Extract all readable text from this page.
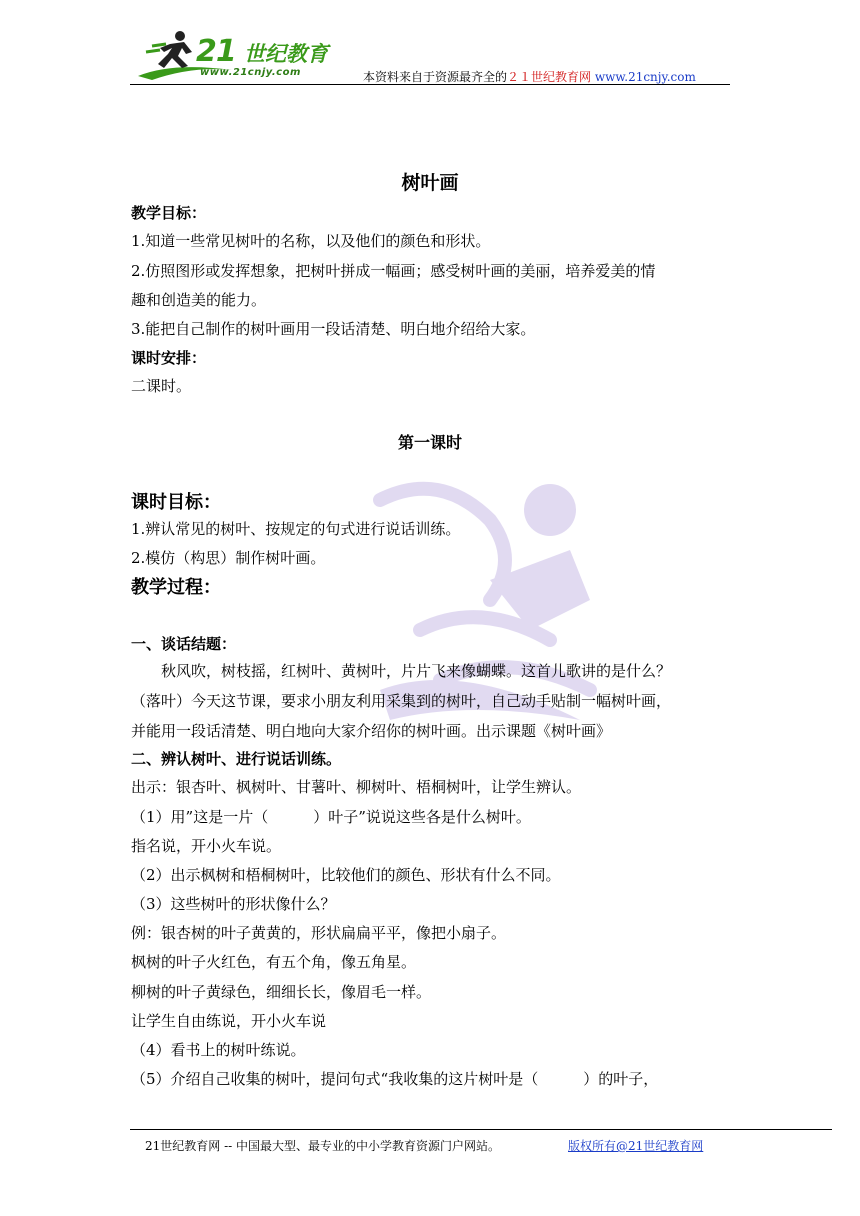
21 世纪教育
www.21cnjy.com	本资料来自于资源最齐全的２１世纪教育网 www.21cnjy.com
树叶画
教学目标：
1.知道一些常见树叶的名称，以及他们的颜色和形状。
2.仿照图形或发挥想象，把树叶拼成一幅画；感受树叶画的美丽，培养爱美的情
趣和创造美的能力。
3.能把自己制作的树叶画用一段话清楚、明白地介绍给大家。
课时安排：
二课时。
第一课时
课时目标：
1.辨认常见的树叶、按规定的句式进行说话训练。
2.模仿（构思）制作树叶画。
教学过程：
一、谈话结题：
秋风吹，树枝摇，红树叶、黄树叶，片片飞来像蝴蝶。这首儿歌讲的是什么？
（落叶）今天这节课，要求小朋友利用采集到的树叶，自己动手贴制一幅树叶画，
并能用一段话清楚、明白地向大家介绍你的树叶画。出示课题《树叶画》
二、辨认树叶、进行说话训练。
出示：银杏叶、枫树叶、甘薯叶、柳树叶、梧桐树叶，让学生辨认。
（1）用”这是一片（　　　）叶子”说说这些各是什么树叶。
指名说，开小火车说。
（2）出示枫树和梧桐树叶，比较他们的颜色、形状有什么不同。
（3）这些树叶的形状像什么？
例：银杏树的叶子黄黄的，形状扁扁平平，像把小扇子。
枫树的叶子火红色，有五个角，像五角星。
柳树的叶子黄绿色，细细长长，像眉毛一样。
让学生自由练说，开小火车说
（4）看书上的树叶练说。
（5）介绍自己收集的树叶，提问句式“我收集的这片树叶是（　　　）的叶子，
21世纪教育网 -- 中国最大型、最专业的中小学教育资源门户网站。	版权所有@21世纪教育网
